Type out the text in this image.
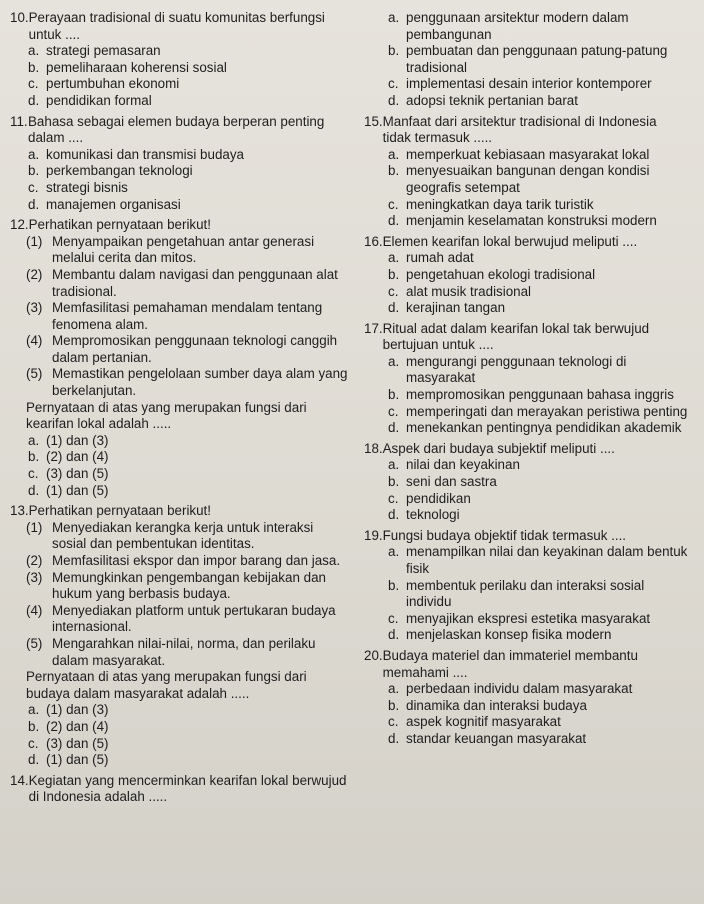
10. Perayaan tradisional di suatu komunitas berfungsi untuk ....
a. strategi pemasaran
b. pemeliharaan koherensi sosial
c. pertumbuhan ekonomi
d. pendidikan formal
11. Bahasa sebagai elemen budaya berperan penting dalam ....
a. komunikasi dan transmisi budaya
b. perkembangan teknologi
c. strategi bisnis
d. manajemen organisasi
12. Perhatikan pernyataan berikut!
(1) Menyampaikan pengetahuan antar generasi melalui cerita dan mitos.
(2) Membantu dalam navigasi dan penggunaan alat tradisional.
(3) Memfasilitasi pemahaman mendalam tentang fenomena alam.
(4) Mempromosikan penggunaan teknologi canggih dalam pertanian.
(5) Memastikan pengelolaan sumber daya alam yang berkelanjutan.
Pernyataan di atas yang merupakan fungsi dari kearifan lokal adalah .....
a. (1) dan (3)
b. (2) dan (4)
c. (3) dan (5)
d. (1) dan (5)
13. Perhatikan pernyataan berikut!
(1) Menyediakan kerangka kerja untuk interaksi sosial dan pembentukan identitas.
(2) Memfasilitasi ekspor dan impor barang dan jasa.
(3) Memungkinkan pengembangan kebijakan dan hukum yang berbasis budaya.
(4) Menyediakan platform untuk pertukaran budaya internasional.
(5) Mengarahkan nilai-nilai, norma, dan perilaku dalam masyarakat.
Pernyataan di atas yang merupakan fungsi dari budaya dalam masyarakat adalah .....
a. (1) dan (3)
b. (2) dan (4)
c. (3) dan (5)
d. (1) dan (5)
14. Kegiatan yang mencerminkan kearifan lokal berwujud di Indonesia adalah .....
a. penggunaan arsitektur modern dalam pembangunan
b. pembuatan dan penggunaan patung-patung tradisional
c. implementasi desain interior kontemporer
d. adopsi teknik pertanian barat
15. Manfaat dari arsitektur tradisional di Indonesia tidak termasuk .....
a. memperkuat kebiasaan masyarakat lokal
b. menyesuaikan bangunan dengan kondisi geografis setempat
c. meningkatkan daya tarik turistik
d. menjamin keselamatan konstruksi modern
16. Elemen kearifan lokal berwujud meliputi ....
a. rumah adat
b. pengetahuan ekologi tradisional
c. alat musik tradisional
d. kerajinan tangan
17. Ritual adat dalam kearifan lokal tak berwujud bertujuan untuk ....
a. mengurangi penggunaan teknologi di masyarakat
b. mempromosikan penggunaan bahasa inggris
c. memperingati dan merayakan peristiwa penting
d. menekankan pentingnya pendidikan akademik
18. Aspek dari budaya subjektif meliputi ....
a. nilai dan keyakinan
b. seni dan sastra
c. pendidikan
d. teknologi
19. Fungsi budaya objektif tidak termasuk ....
a. menampilkan nilai dan keyakinan dalam bentuk fisik
b. membentuk perilaku dan interaksi sosial individu
c. menyajikan ekspresi estetika masyarakat
d. menjelaskan konsep fisika modern
20. Budaya materiel dan immateriel membantu memahami ....
a. perbedaan individu dalam masyarakat
b. dinamika dan interaksi budaya
c. aspek kognitif masyarakat
d. standar keuangan masyarakat
